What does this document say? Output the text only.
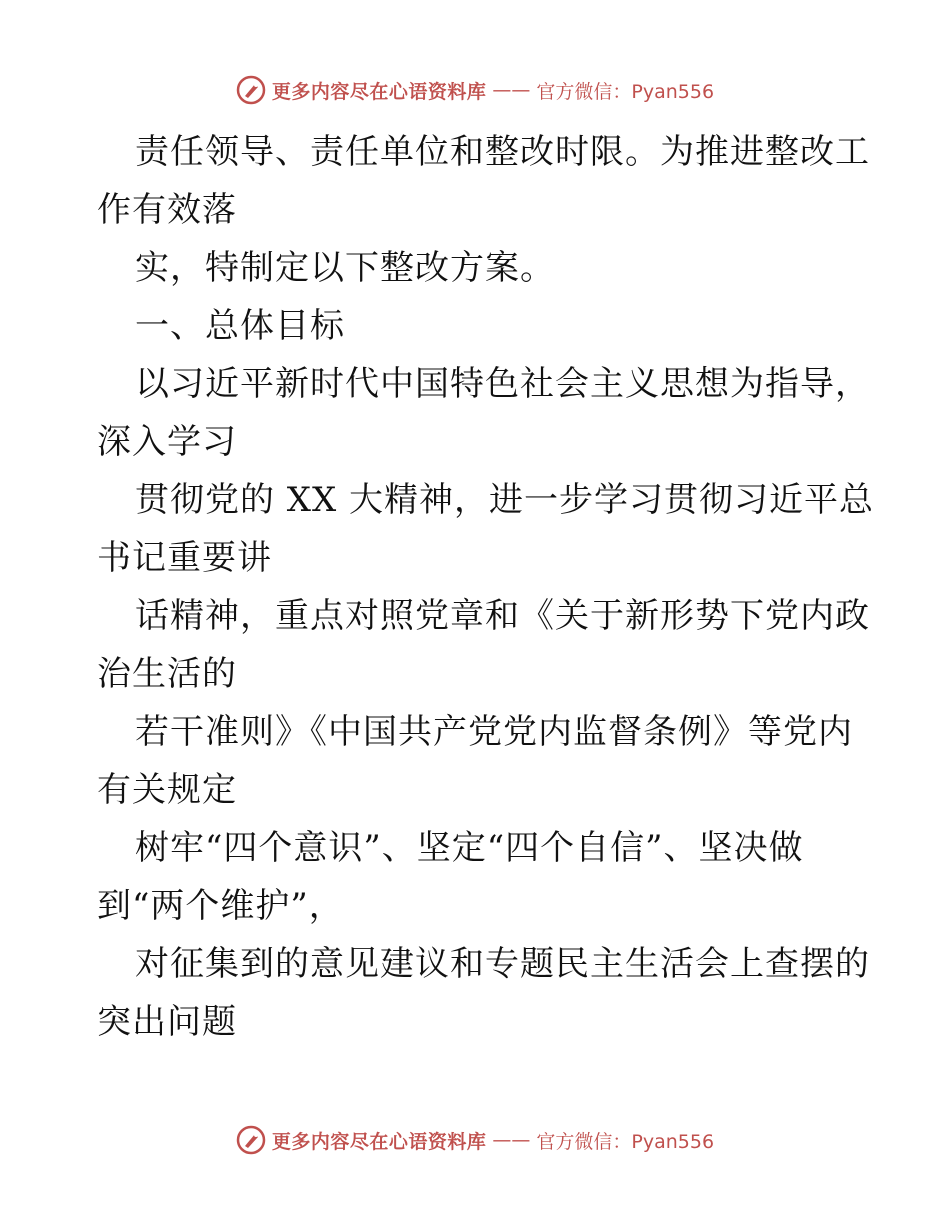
更多内容尽在心语资料库 —— 官方微信：Pyan556
责任领导、责任单位和整改时限。为推进整改工
作有效落
实，特制定以下整改方案。
一、总体目标
以习近平新时代中国特色社会主义思想为指导，
深入学习
贯彻党的 XX 大精神，进一步学习贯彻习近平总
书记重要讲
话精神，重点对照党章和《关于新形势下党内政
治生活的
若干准则》《中国共产党党内监督条例》等党内
有关规定
树牢“四个意识”、坚定“四个自信”、坚决做
到“两个维护”，
对征集到的意见建议和专题民主生活会上查摆的
突出问题
更多内容尽在心语资料库 —— 官方微信：Pyan556
